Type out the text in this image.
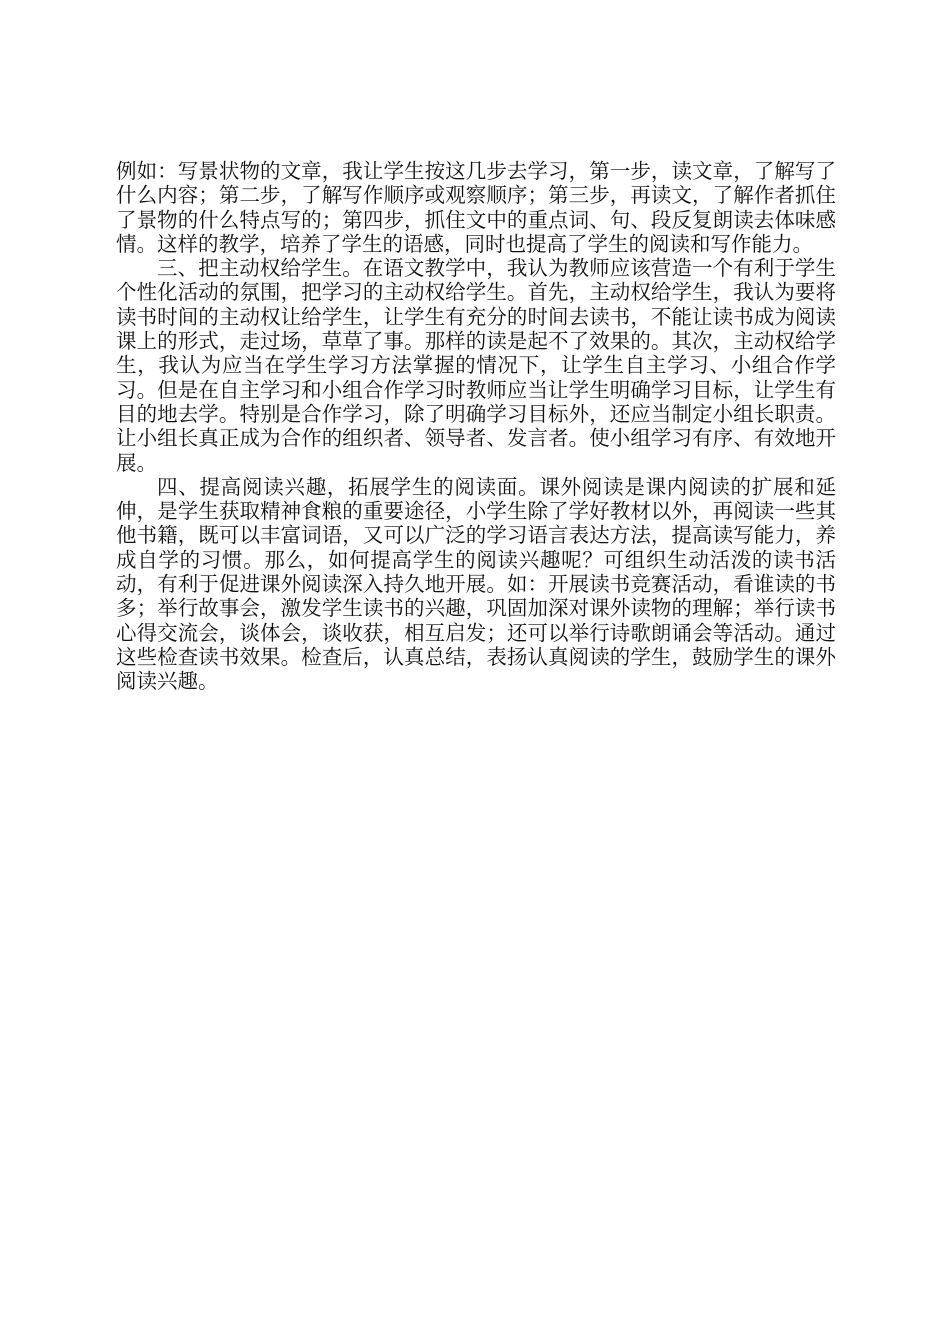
例如：写景状物的文章，我让学生按这几步去学习，第一步，读文章，了解写了什么内容；第二步，了解写作顺序或观察顺序；第三步，再读文，了解作者抓住了景物的什么特点写的；第四步，抓住文中的重点词、句、段反复朗读去体味感情。这样的教学，培养了学生的语感，同时也提高了学生的阅读和写作能力。

三、把主动权给学生。在语文教学中，我认为教师应该营造一个有利于学生个性化活动的氛围，把学习的主动权给学生。首先，主动权给学生，我认为要将读书时间的主动权让给学生，让学生有充分的时间去读书，不能让读书成为阅读课上的形式，走过场，草草了事。那样的读是起不了效果的。其次，主动权给学生，我认为应当在学生学习方法掌握的情况下，让学生自主学习、小组合作学习。但是在自主学习和小组合作学习时教师应当让学生明确学习目标，让学生有目的地去学。特别是合作学习，除了明确学习目标外，还应当制定小组长职责。让小组长真正成为合作的组织者、领导者、发言者。使小组学习有序、有效地开展。

四、提高阅读兴趣，拓展学生的阅读面。课外阅读是课内阅读的扩展和延伸，是学生获取精神食粮的重要途径，小学生除了学好教材以外，再阅读一些其他书籍，既可以丰富词语，又可以广泛的学习语言表达方法，提高读写能力，养成自学的习惯。那么，如何提高学生的阅读兴趣呢？可组织生动活泼的读书活动，有利于促进课外阅读深入持久地开展。如：开展读书竞赛活动，看谁读的书多；举行故事会，激发学生读书的兴趣，巩固加深对课外读物的理解；举行读书心得交流会，谈体会，谈收获，相互启发；还可以举行诗歌朗诵会等活动。通过这些检查读书效果。检查后，认真总结，表扬认真阅读的学生，鼓励学生的课外阅读兴趣。
